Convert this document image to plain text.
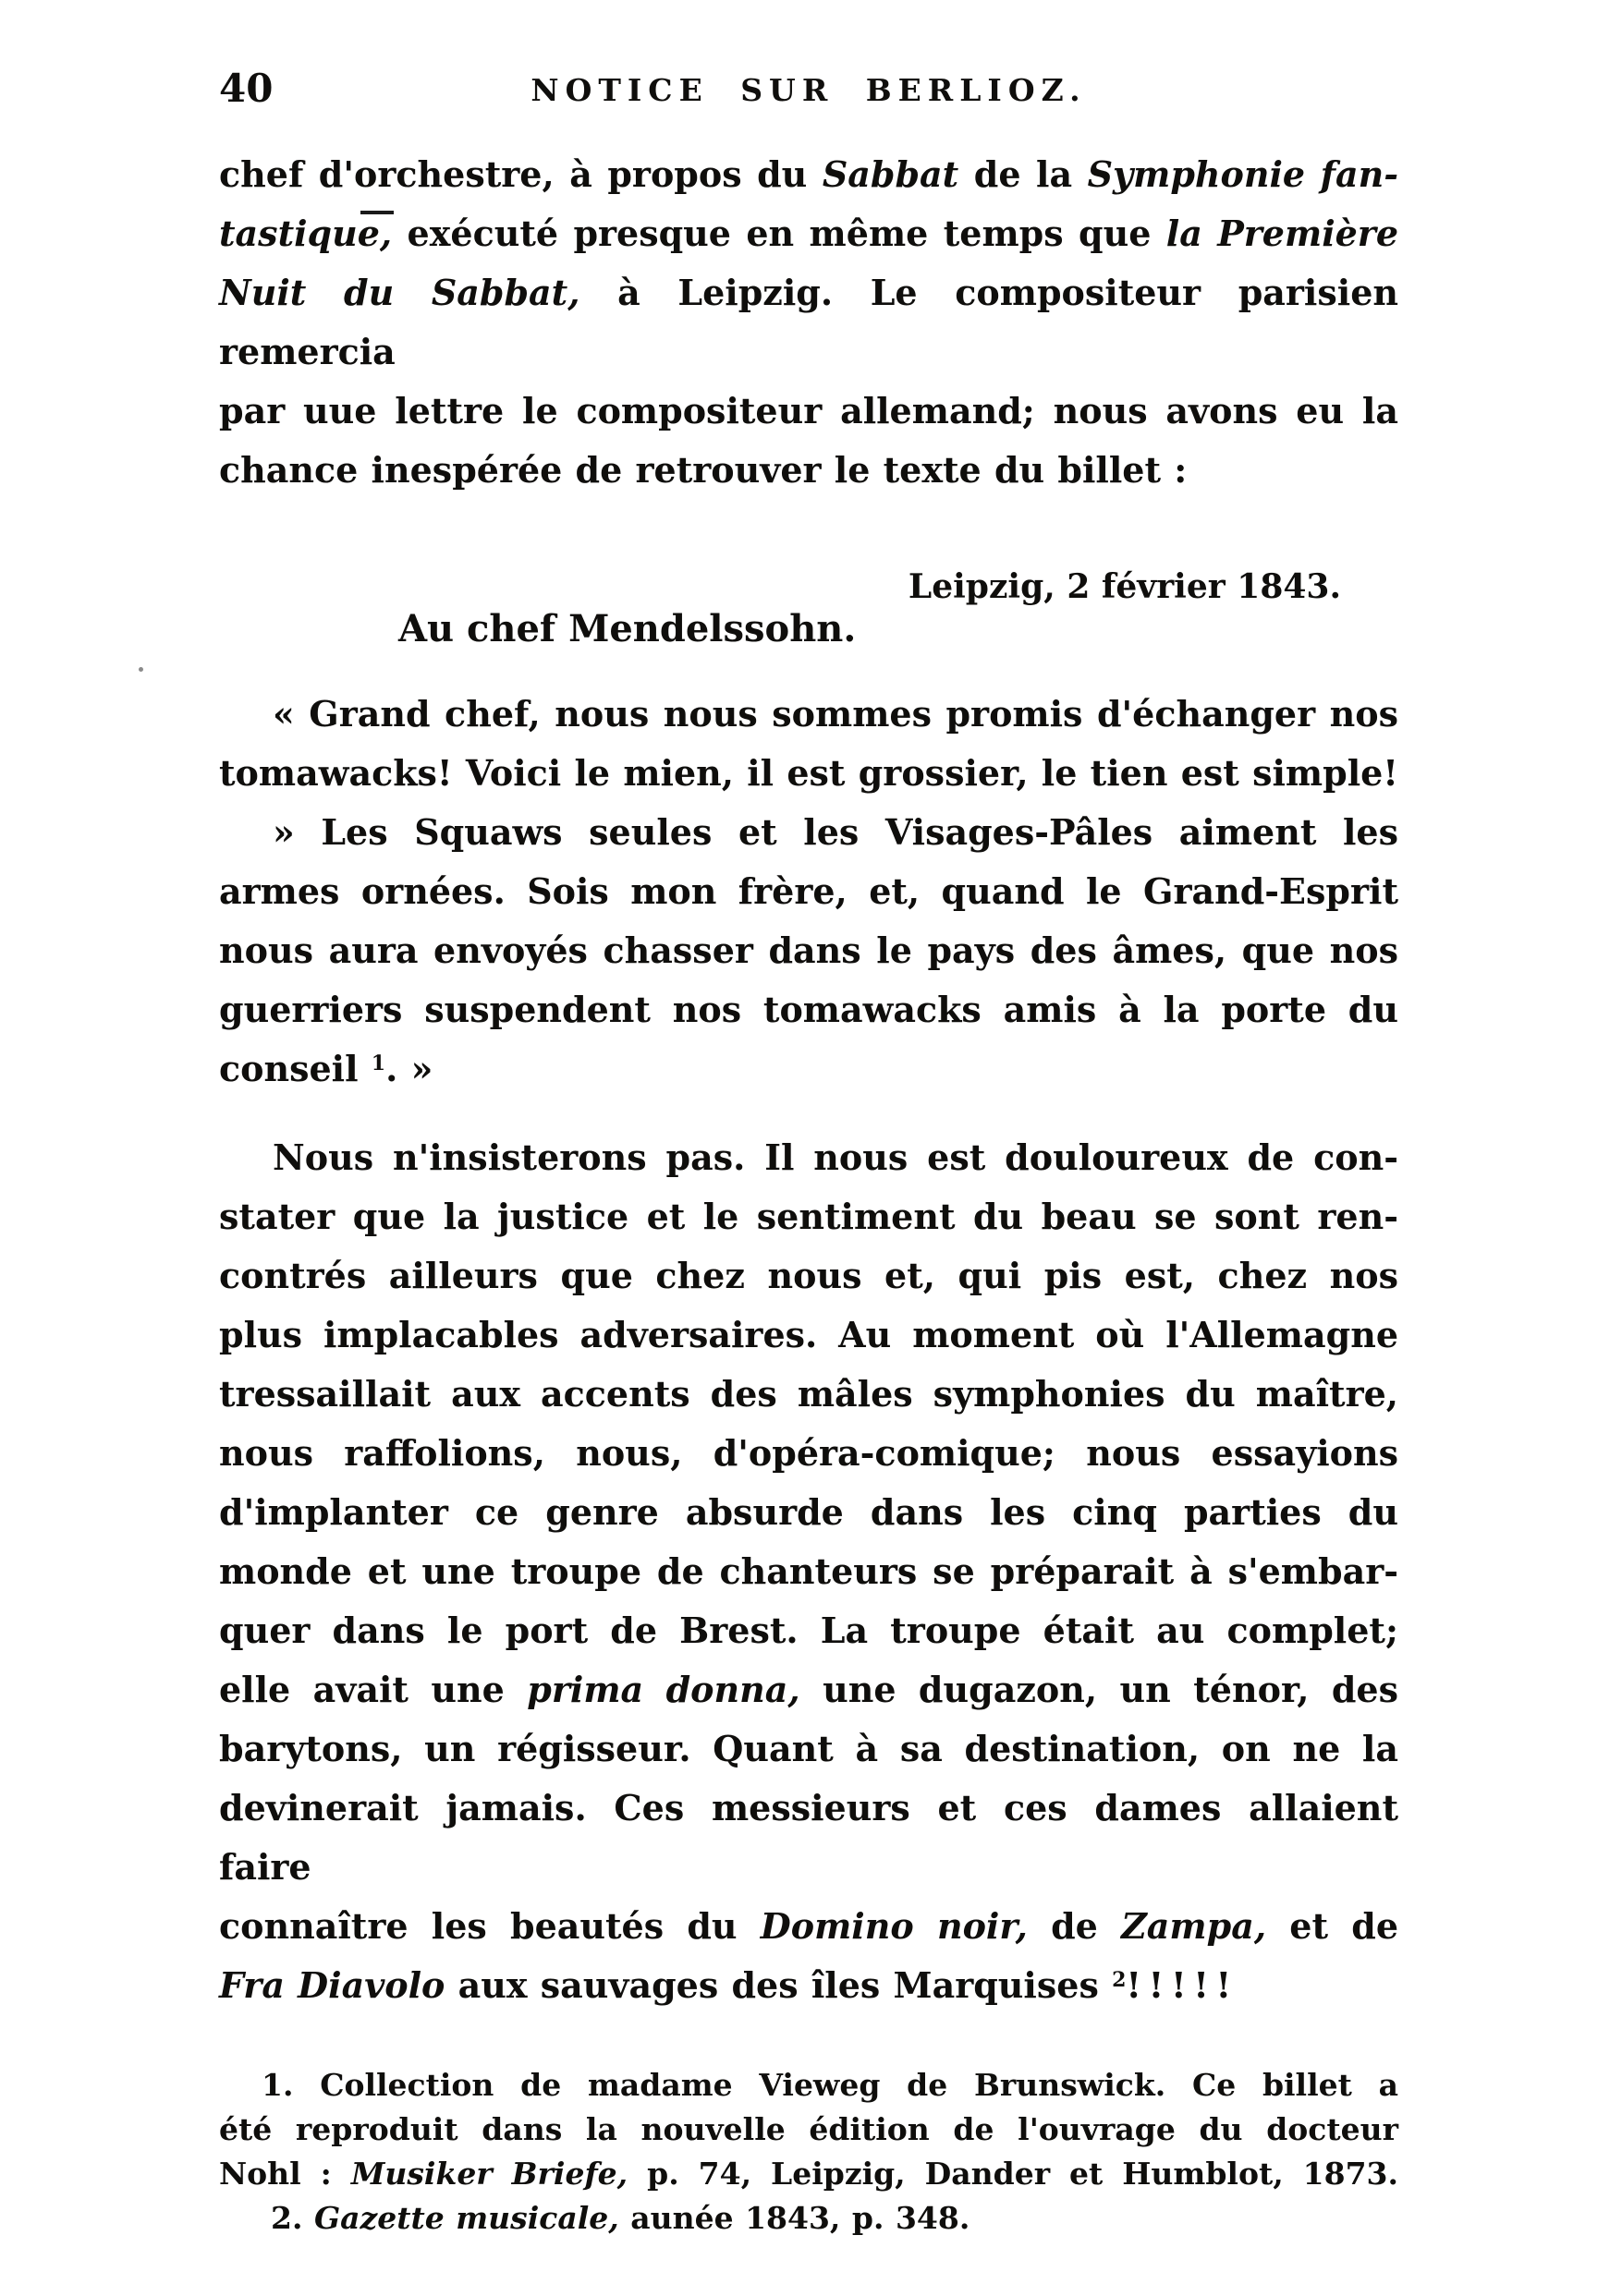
40	NOTICE SUR BERLIOZ.
chef d'orchestre, à propos du Sabbat de la Symphonie fan-
tastique, exécuté presque en même temps que la Première
Nuit du Sabbat, à Leipzig. Le compositeur parisien remercia
par uue lettre le compositeur allemand; nous avons eu la
chance inespérée de retrouver le texte du billet :
Leipzig, 2 février 1843.
Au chef Mendelssohn.
« Grand chef, nous nous sommes promis d'échanger nos
tomawacks! Voici le mien, il est grossier, le tien est simple!
» Les Squaws seules et les Visages-Pâles aiment les
armes ornées. Sois mon frère, et, quand le Grand-Esprit
nous aura envoyés chasser dans le pays des âmes, que nos
guerriers suspendent nos tomawacks amis à la porte du
conseil $^1$. »
Nous n'insisterons pas. Il nous est douloureux de con-
stater que la justice et le sentiment du beau se sont ren-
contrés ailleurs que chez nous et, qui pis est, chez nos
plus implacables adversaires. Au moment où l'Allemagne
tressaillait aux accents des mâles symphonies du maître,
nous raffolions, nous, d'opéra-comique; nous essayions
d'implanter ce genre absurde dans les cinq parties du
monde et une troupe de chanteurs se préparait à s'embar-
quer dans le port de Brest. La troupe était au complet;
elle avait une prima donna, une dugazon, un ténor, des
barytons, un régisseur. Quant à sa destination, on ne la
devinerait jamais. Ces messieurs et ces dames allaient faire
connaître les beautés du Domino noir, de Zampa, et de
Fra Diavolo aux sauvages des îles Marquises $^2$! ! ! ! !
1. Collection de madame Vieweg de Brunswick. Ce billet a
été reproduit dans la nouvelle édition de l'ouvrage du docteur
Nohl : Musiker Briefe, p. 74, Leipzig, Dander et Humblot, 1873.
2. Gazette musicale, aunée 1843, p. 348.
